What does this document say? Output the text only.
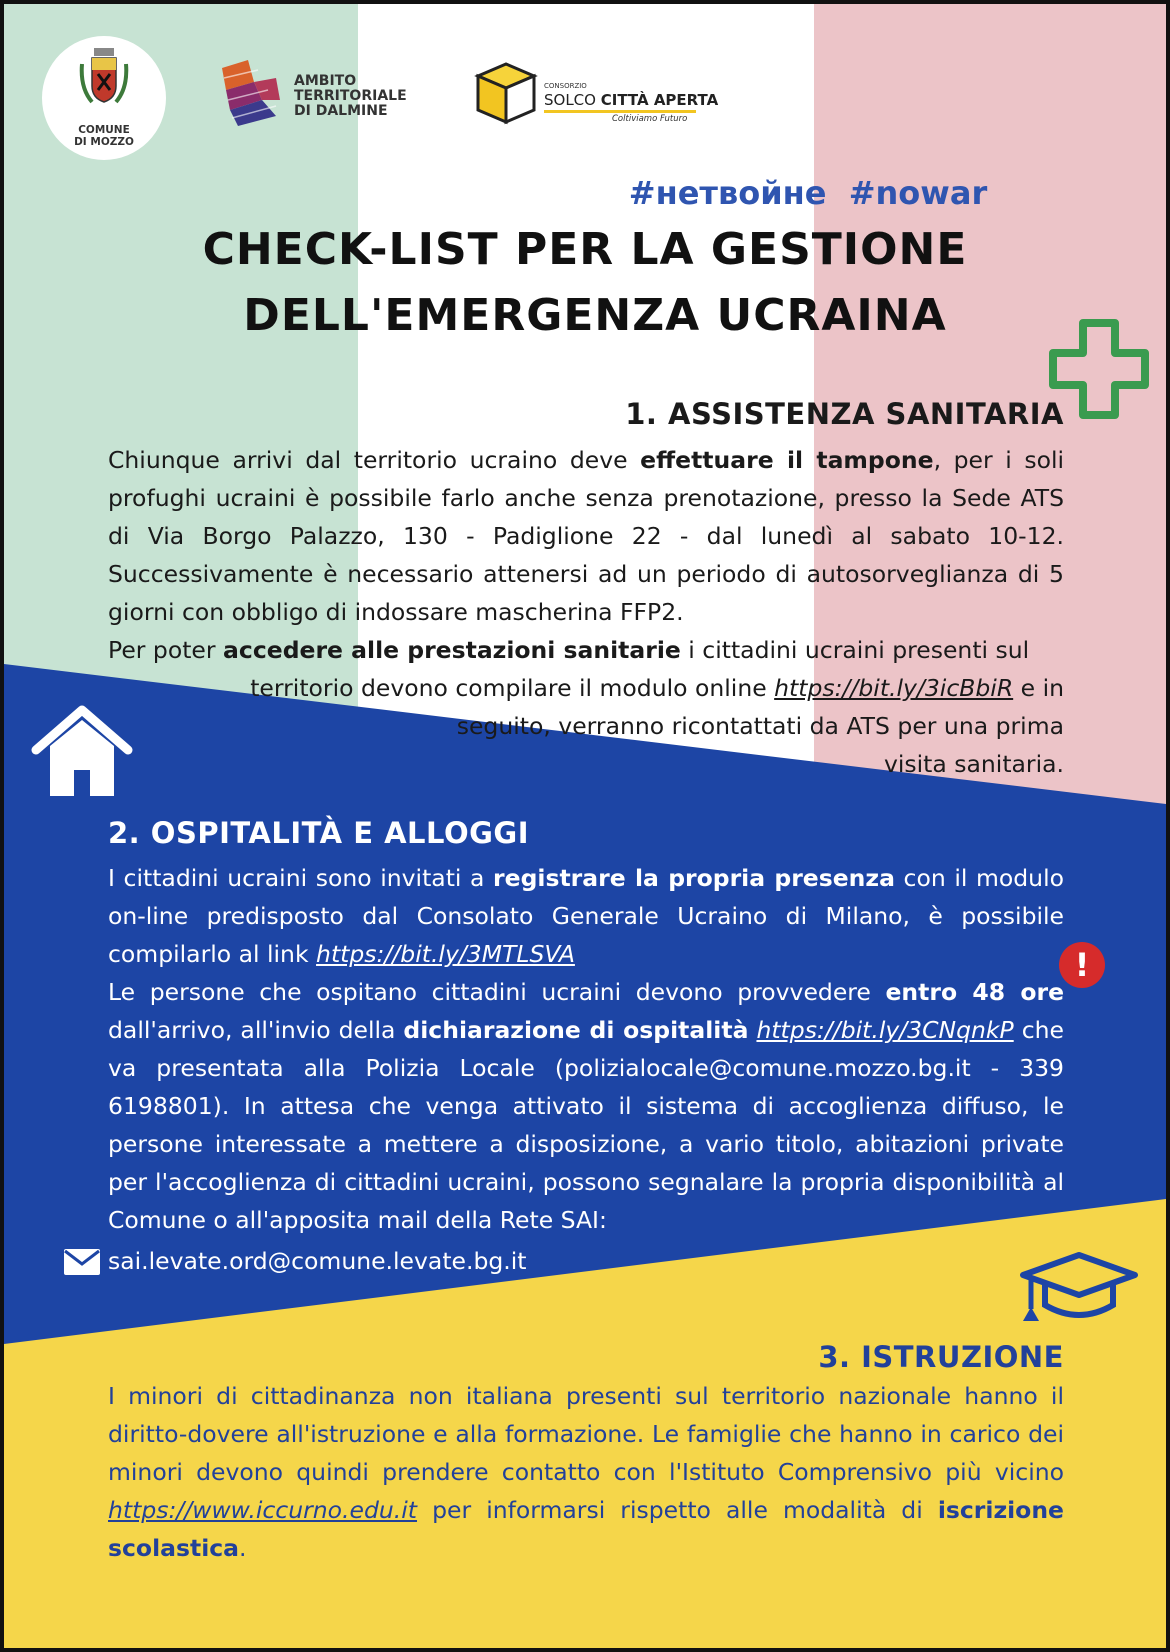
COMUNE
DI MOZZO
AMBITO
TERRITORIALE
DI DALMINE
CONSORZIO
SOLCO CITTÀ APERTA
Coltiviamo Futuro
#нетвойне  #nowar
CHECK-LIST PER LA GESTIONE
DELL'EMERGENZA UCRAINA
1. ASSISTENZA SANITARIA
Chiunque arrivi dal territorio ucraino deve effettuare il tampone, per i soli profughi ucraini è possibile farlo anche senza prenotazione, presso la Sede ATS di Via Borgo Palazzo, 130 - Padiglione 22 - dal lunedì al sabato 10-12. Successivamente è necessario attenersi ad un periodo di autosorveglianza di 5 giorni con obbligo di indossare mascherina FFP2.
Per poter accedere alle prestazioni sanitarie i cittadini ucraini presenti sul
territorio devono compilare il modulo online https://bit.ly/3icBbiR e in
seguito, verranno ricontattati da ATS per una prima
visita sanitaria.
2. OSPITALITÀ E ALLOGGI
I cittadini ucraini sono invitati a registrare la propria presenza con il modulo on-line predisposto dal Consolato Generale Ucraino di Milano, è possibile compilarlo al link https://bit.ly/3MTLSVA
Le persone che ospitano cittadini ucraini devono provvedere entro 48 ore dall'arrivo, all'invio della dichiarazione di ospitalità https://bit.ly/3CNqnkP che va presentata alla Polizia Locale (polizialocale@comune.mozzo.bg.it - 339 6198801). In attesa che venga attivato il sistema di accoglienza diffuso, le persone interessate a mettere a disposizione, a vario titolo, abitazioni private per l'accoglienza di cittadini ucraini, possono segnalare la propria disponibilità al Comune o all'apposita mail della Rete SAI:
!
sai.levate.ord@comune.levate.bg.it
3. ISTRUZIONE
I minori di cittadinanza non italiana presenti sul territorio nazionale hanno il diritto-dovere all'istruzione e alla formazione. Le famiglie che hanno in carico dei minori devono quindi prendere contatto con l'Istituto Comprensivo più vicino https://www.iccurno.edu.it per informarsi rispetto alle modalità di iscrizione scolastica.
